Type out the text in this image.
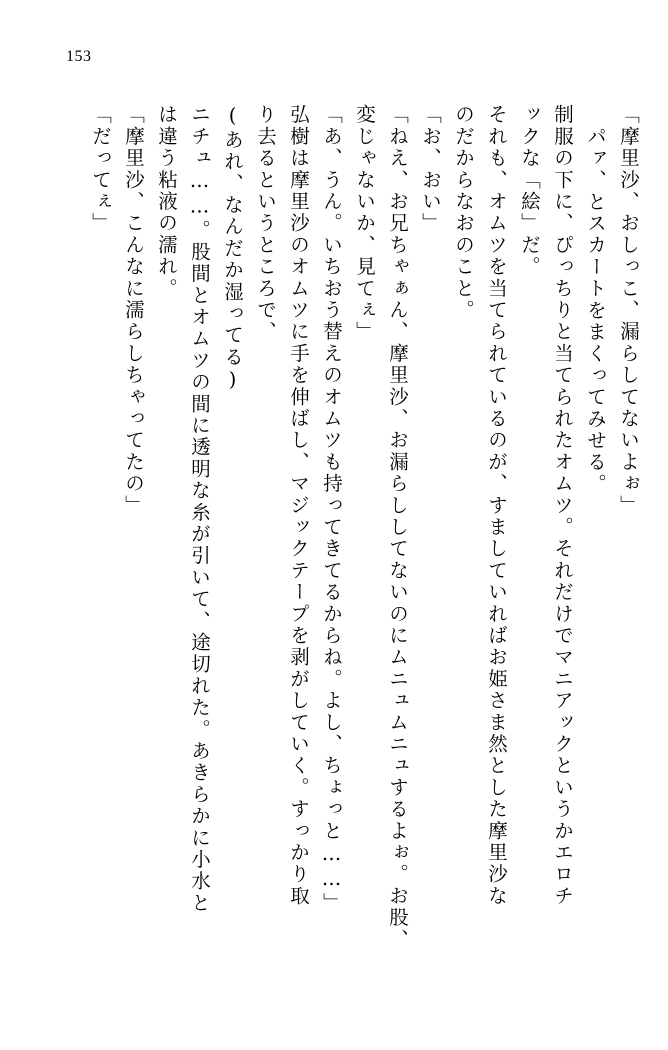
153
「摩里沙、おしっこ、漏らしてないよぉ」
パァ、とスカートをまくってみせる。
制服の下に、ぴっちりと当てられたオムツ。それだけでマニアックというかエロチ
ックな「絵」だ。
それも、オムツを当てられているのが、すましていればお姫さま然とした摩里沙な
のだからなおのこと。
「お、おい」
「ねえ、お兄ちゃぁん、摩里沙、お漏らししてないのにムニュムニュするよぉ。お股、
変じゃないか、見てぇ」
「あ、うん。いちおう替えのオムツも持ってきてるからね。よし、ちょっと……」
弘樹は摩里沙のオムツに手を伸ばし、マジックテープを剥がしていく。すっかり取
り去るというところで、
(あれ、なんだか湿ってる)
ニチュ……。股間とオムツの間に透明な糸が引いて、途切れた。あきらかに小水と
は違う粘液の濡れ。
「摩里沙、こんなに濡らしちゃってたの」
「だってぇ」
